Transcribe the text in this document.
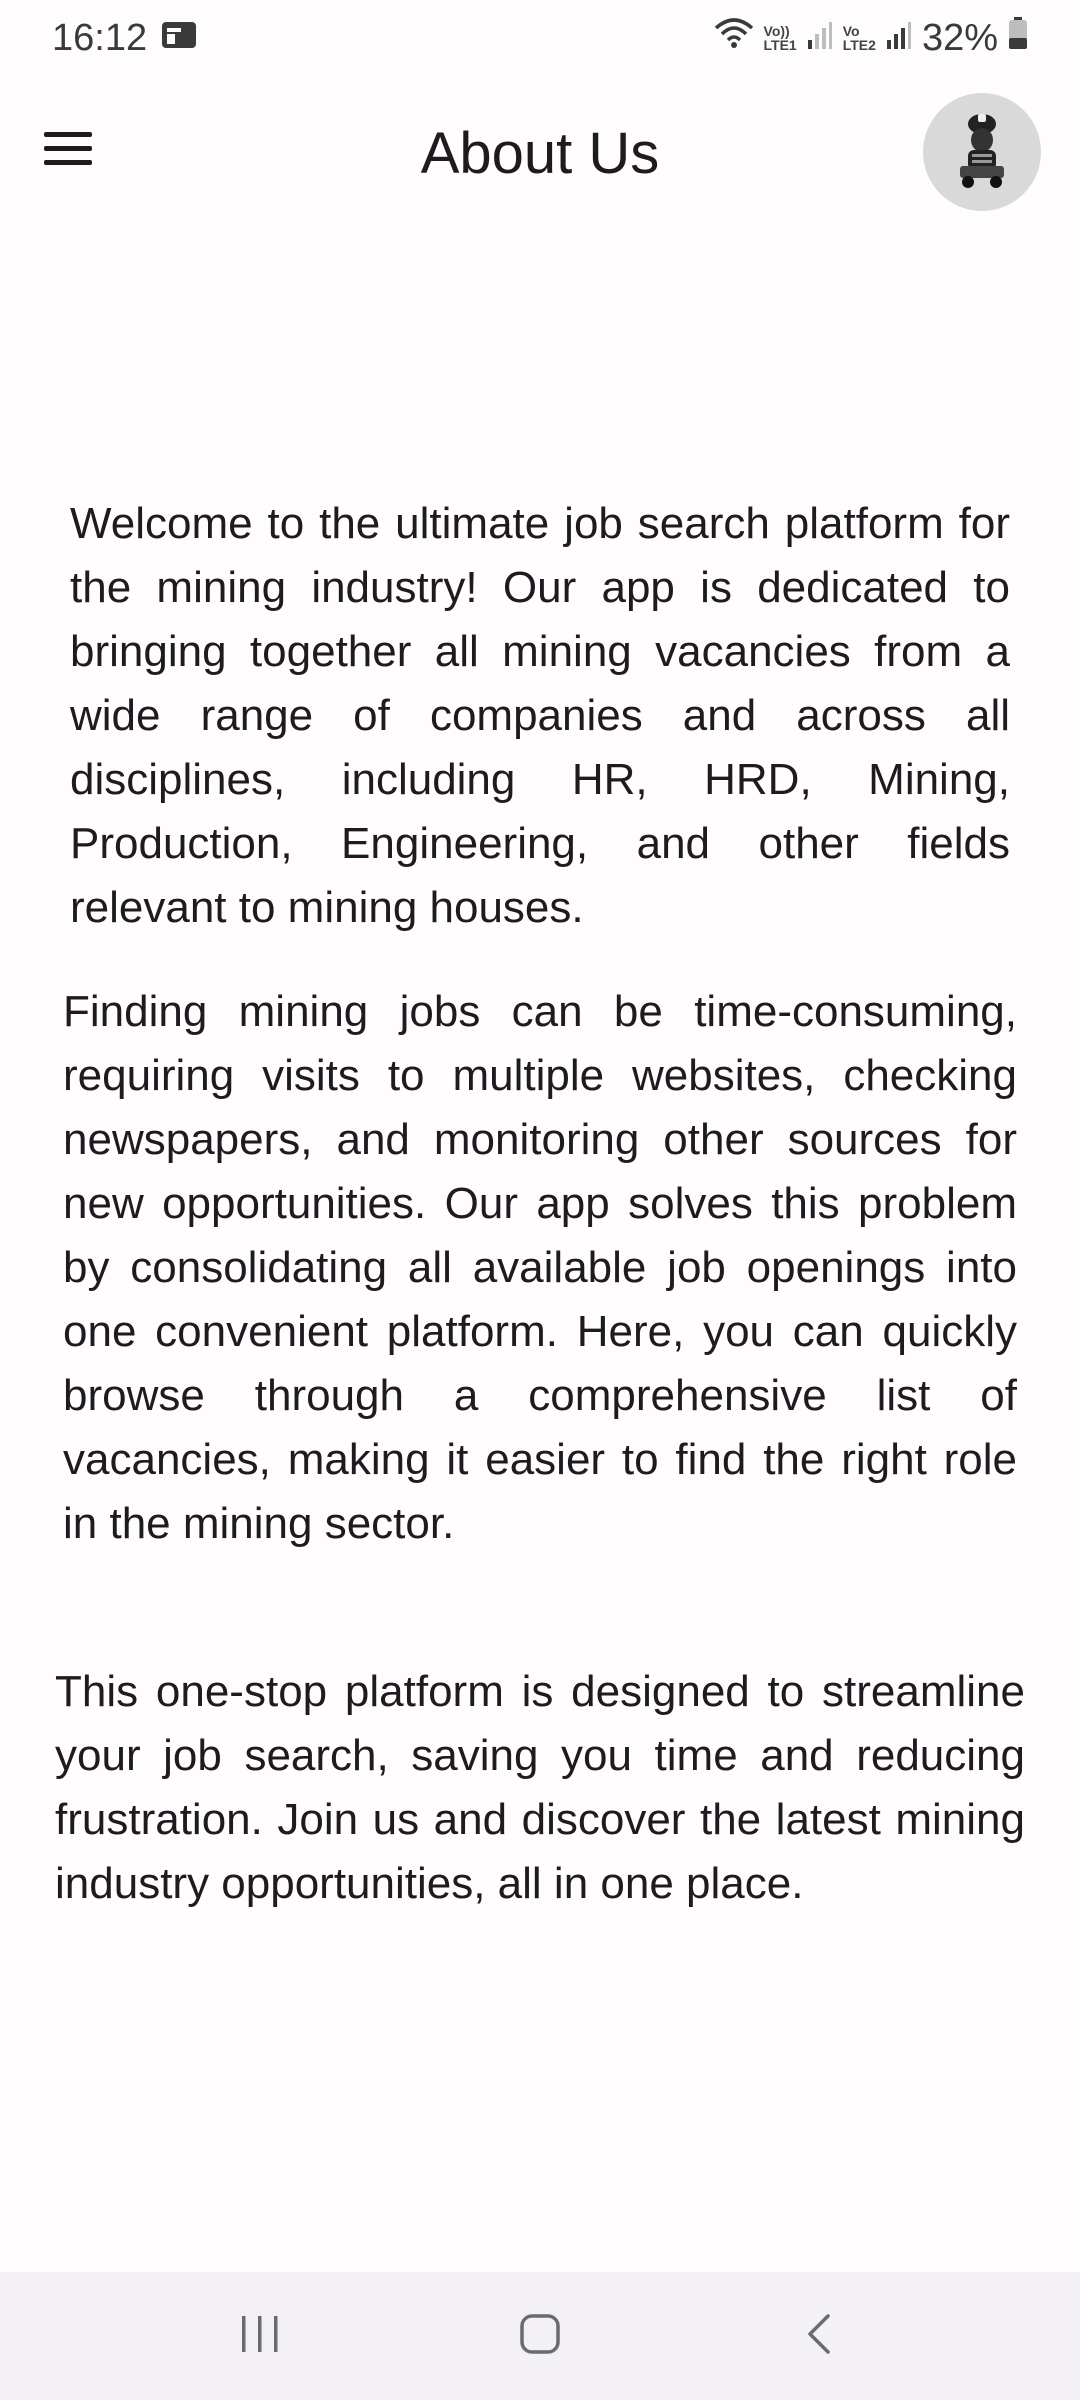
16:12	Vo))
LTE1
Vo
LTE2 32%
About Us

Welcome to the ultimate job search platform for the mining industry! Our app is dedicated to bringing together all mining vacancies from a wide range of companies and across all disciplines, including HR, HRD, Mining, Production, Engineering, and other fields relevant to mining houses.

Finding mining jobs can be time-consuming, requiring visits to multiple websites, checking newspapers, and monitoring other sources for new opportunities. Our app solves this problem by consolidating all available job openings into one convenient platform. Here, you can quickly browse through a comprehensive list of vacancies, making it easier to find the right role in the mining sector.

This one-stop platform is designed to streamline your job search, saving you time and reducing frustration. Join us and discover the latest mining industry opportunities, all in one place.
